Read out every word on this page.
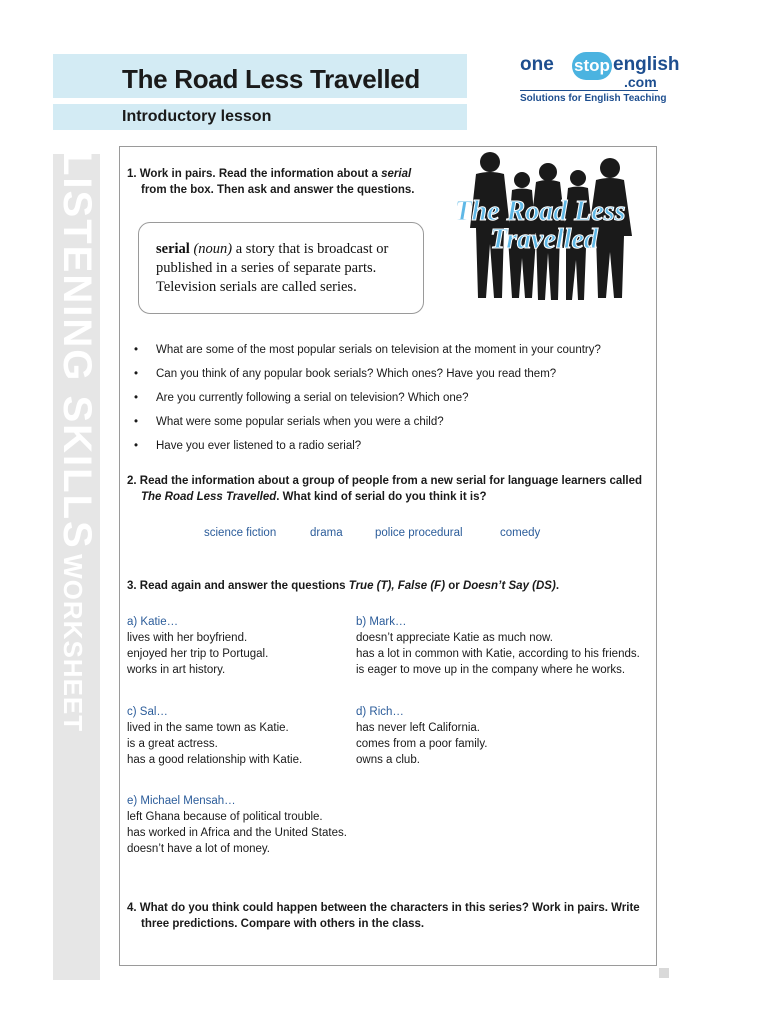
The Road Less Travelled
Introductory lesson
one stop english
.com
Solutions for English Teaching
LISTENING SKILLS WORKSHEET
1. Work in pairs. Read the information about a serial
from the box. Then ask and answer the questions.
The Road Less
Travelled
serial (noun) a story that is broadcast or published in a series of separate parts. Television serials are called series.
• What are some of the most popular serials on television at the moment in your country?
• Can you think of any popular book serials? Which ones? Have you read them?
• Are you currently following a serial on television? Which one?
• What were some popular serials when you were a child?
• Have you ever listened to a radio serial?
2. Read the information about a group of people from a new serial for language learners called
The Road Less Travelled. What kind of serial do you think it is?
science fiction	drama	police procedural	comedy
3. Read again and answer the questions True (T), False (F) or Doesn’t Say (DS).
a) Katie…
lives with her boyfriend.
enjoyed her trip to Portugal.
works in art history.
b) Mark…
doesn’t appreciate Katie as much now.
has a lot in common with Katie, according to his friends.
is eager to move up in the company where he works.
c) Sal…
lived in the same town as Katie.
is a great actress.
has a good relationship with Katie.
d) Rich…
has never left California.
comes from a poor family.
owns a club.
e) Michael Mensah…
left Ghana because of political trouble.
has worked in Africa and the United States.
doesn’t have a lot of money.
4. What do you think could happen between the characters in this series? Work in pairs. Write
three predictions. Compare with others in the class.
